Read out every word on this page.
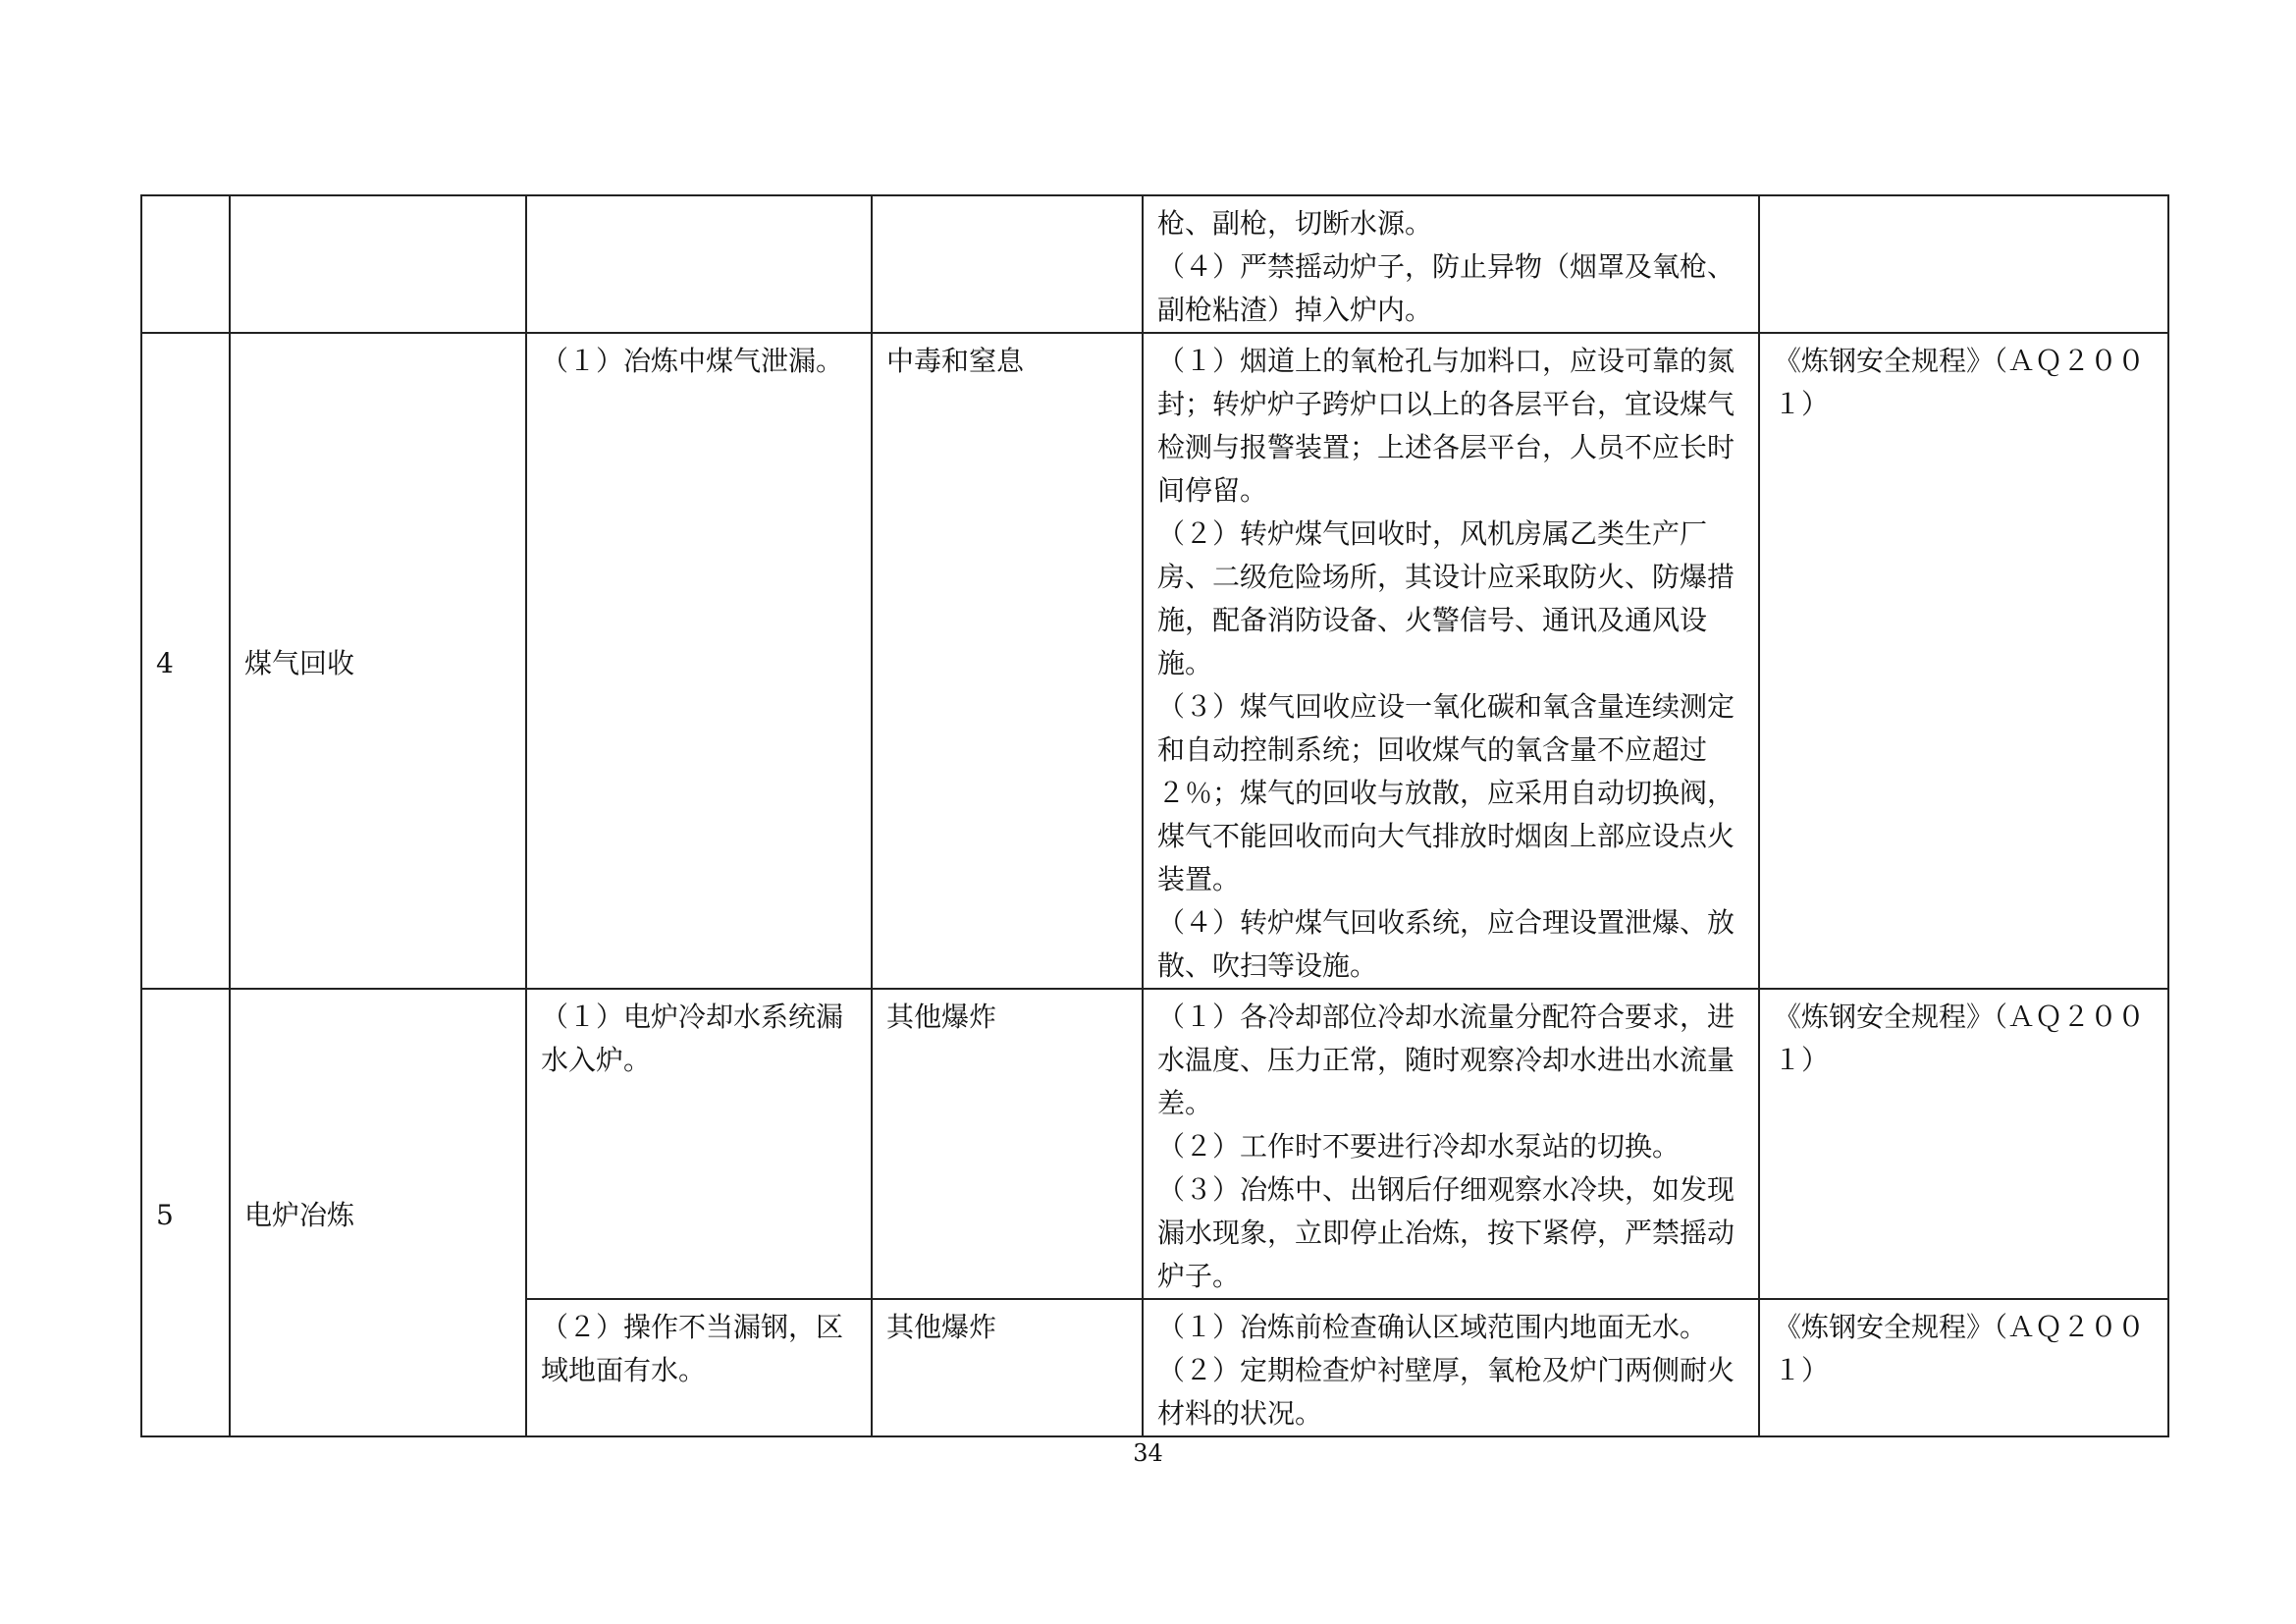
				枪、副枪，切断水源。
（４）严禁摇动炉子，防止异物（烟罩及氧枪、副枪粘渣）掉入炉内。	

4	煤气回收	（１）冶炼中煤气泄漏。	中毒和窒息	（１）烟道上的氧枪孔与加料口，应设可靠的氮封；转炉炉子跨炉口以上的各层平台，宜设煤气检测与报警装置；上述各层平台，人员不应长时间停留。
（２）转炉煤气回收时，风机房属乙类生产厂房、二级危险场所，其设计应采取防火、防爆措施，配备消防设备、火警信号、通讯及通风设施。
（３）煤气回收应设一氧化碳和氧含量连续测定和自动控制系统；回收煤气的氧含量不应超过２％；煤气的回收与放散，应采用自动切换阀，煤气不能回收而向大气排放时烟囱上部应设点火装置。
（４）转炉煤气回收系统，应合理设置泄爆、放散、吹扫等设施。	《炼钢安全规程》（ＡＱ２００１）
5	电炉冶炼	（１）电炉冷却水系统漏水入炉。	其他爆炸	（１）各冷却部位冷却水流量分配符合要求，进水温度、压力正常，随时观察冷却水进出水流量差。
（２）工作时不要进行冷却水泵站的切换。
（３）冶炼中、出钢后仔细观察水冷块，如发现漏水现象，立即停止冶炼，按下紧停，严禁摇动炉子。	《炼钢安全规程》（ＡＱ２００１）
		（２）操作不当漏钢，区域地面有水。	其他爆炸	（１）冶炼前检查确认区域范围内地面无水。
（２）定期检查炉衬壁厚，氧枪及炉门两侧耐火材料的状况。	《炼钢安全规程》（ＡＱ２００１）
34
